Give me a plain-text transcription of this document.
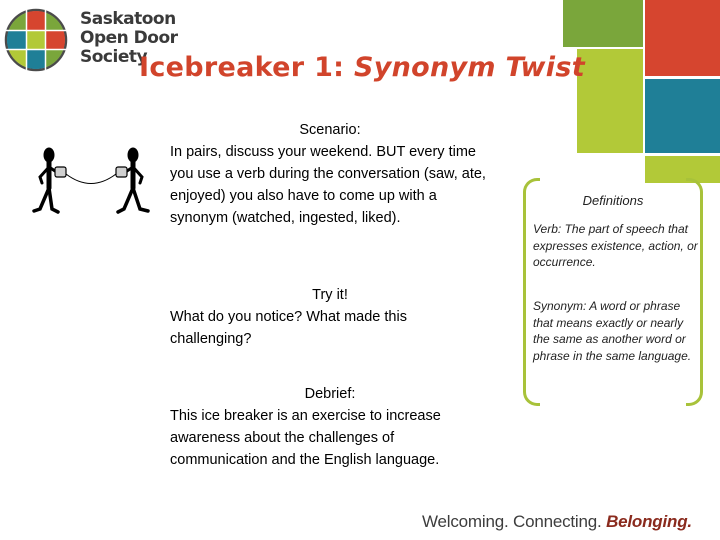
Saskatoon
Open Door
Society
Icebreaker 1: Synonym Twist
Scenario:
In pairs, discuss your weekend. BUT every time you use a verb during the conversation (saw, ate, enjoyed) you also have to come up with a synonym (watched, ingested, liked).
Try it!
What do you notice? What made this challenging?
Debrief:
This ice breaker is an exercise to increase awareness about the challenges of communication and the English language.
Definitions
Verb: The part of speech that expresses existence, action, or occurrence.
Synonym: A word or phrase that means exactly or nearly the same as another word or phrase in the same language.
Welcoming. Connecting. Belonging.
